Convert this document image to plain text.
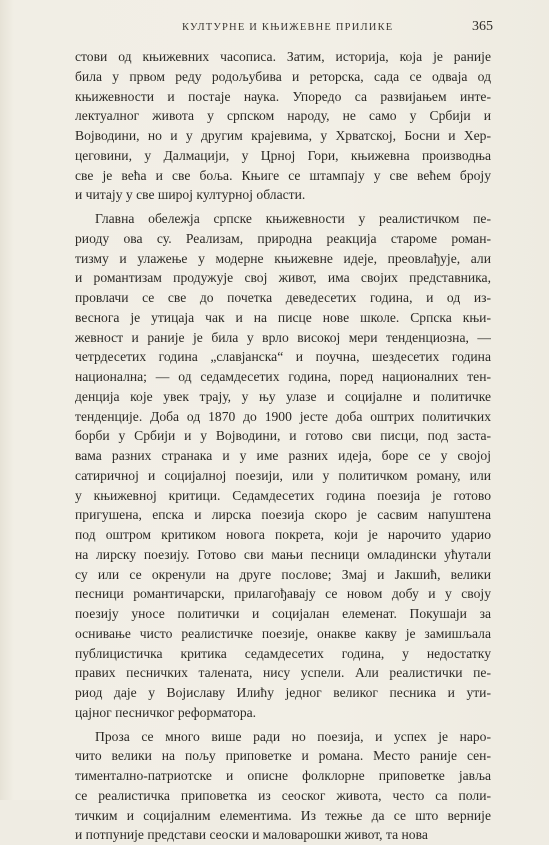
КУЛТУРНЕ И КЊИЖЕВНЕ ПРИЛИКЕ	365
стови од књижевних часописа. Затим, историја, која је раније
била у првом реду родољубива и реторска, сада се одваја од
књижевности и постаје наука. Упоредо са развијањем инте-
лектуалног живота у српском народу, не само у Србији и
Војводини, но и у другим крајевима, у Хрватској, Босни и Хер-
цеговини, у Далмацији, у Црној Гори, књижевна производња
све је већа и све боља. Књиге се штампају у све већем броју
и читају у све широј културној области.
Главна обележја српске књижевности у реалистичком пе-
риоду ова су. Реализам, природна реакција староме роман-
тизму и улажење у модерне књижевне идеје, преовлађује, али
и романтизам продужује свој живот, има својих представника,
провлачи се све до почетка деведесетих година, и од из-
веснога је утицаја чак и на писце нове школе. Српска књи-
жевност и раније је била у врло високој мери тенденциозна, —
четрдесетих година „славјанска“ и поучна, шездесетих година
национална; — од седамдесетих година, поред националних тен-
денција које увек трају, у њу улазе и социјалне и политичке
тенденције. Доба од 1870 до 1900 јесте доба оштрих политичких
борби у Србији и у Војводини, и готово сви писци, под застa-
вама разних странака и у име разних идеја, боре се у својој
сатиричној и социјалној поезији, или у политичком роману, или
у књижевној критици. Седамдесетих година поезија је готово
пригушена, епска и лирска поезија скоро је сасвим напуштена
под оштром критиком новога покрета, који је нарочито ударио
на лирску поезију. Готово сви мањи песници омладински ућутали
су или се окренули на друге послове; Змај и Јакшић, велики
песници романтичарски, прилагођавају се новом добу и у своју
поезију уносе политички и социјалан елеменат. Покушаји за
оснивање чисто реалистичке поезије, онакве какву је замишљала
публицистичка критика седамдесетих година, у недостатку
правих песничких таленaта, нису успели. Али реалистички пе-
риод даје у Војиславу Илићу једног великог песника и ути-
цајног песничког реформатора.
Проза се много више ради но поезија, и успех је наро-
чито велики на пољу приповетке и романа. Место раније сен-
тиментално-патриотске и описне фолклорне приповетке јавља
се реалистичка приповетка из сеоског живота, често са поли-
тичким и социјалним елементима. Из тежње да се што верније
и потпуније представи сеоски и маловарошки живот, та нова
